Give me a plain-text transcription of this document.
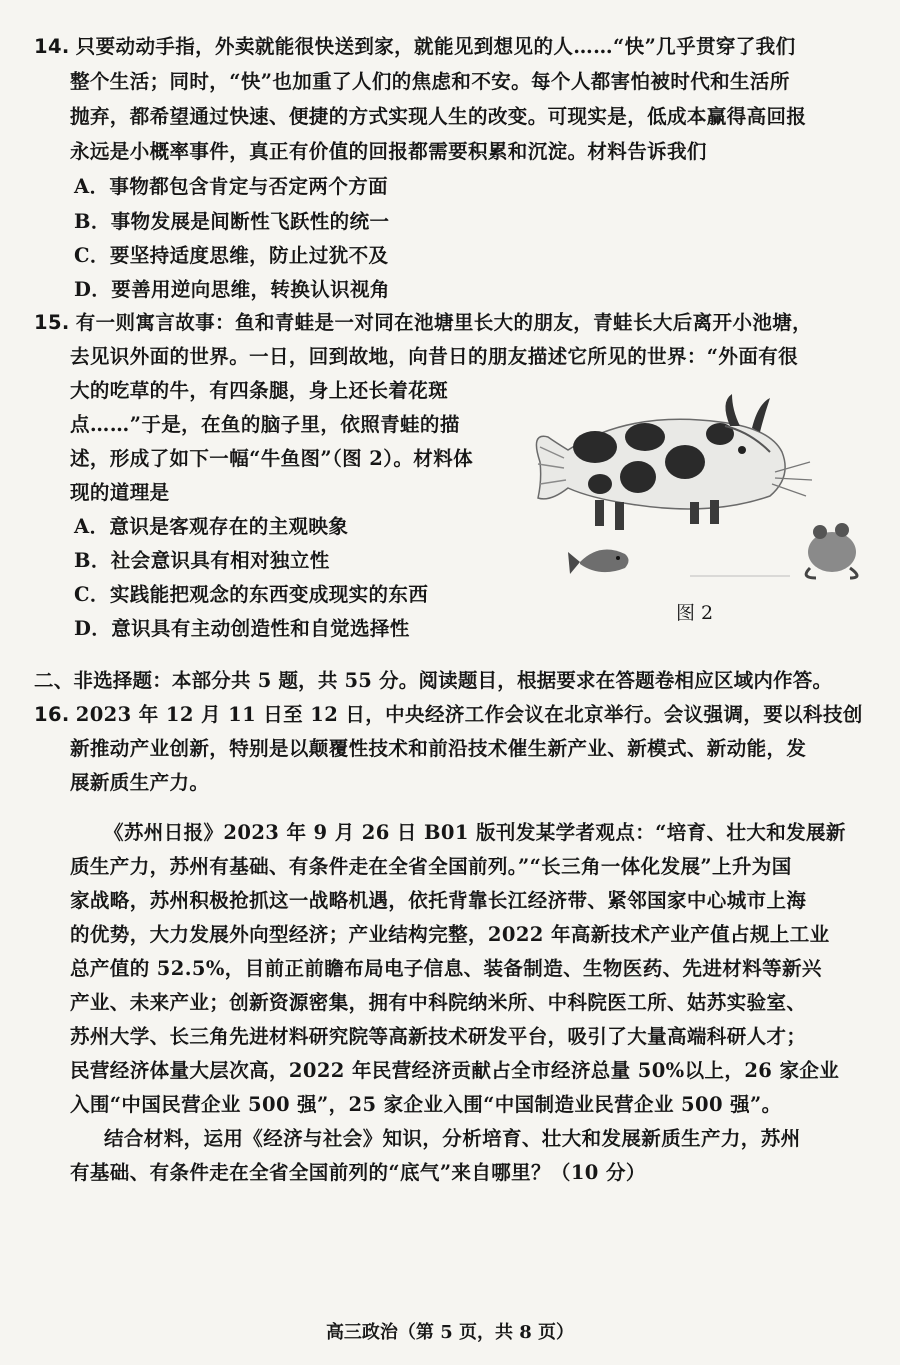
14. 只要动动手指，外卖就能很快送到家，就能见到想见的人……“快”几乎贯穿了我们
整个生活；同时，“快”也加重了人们的焦虑和不安。每个人都害怕被时代和生活所
抛弃，都希望通过快速、便捷的方式实现人生的改变。可现实是，低成本赢得高回报
永远是小概率事件，真正有价值的回报都需要积累和沉淀。材料告诉我们
A．事物都包含肯定与否定两个方面
B．事物发展是间断性飞跃性的统一
C．要坚持适度思维，防止过犹不及
D．要善用逆向思维，转换认识视角
15. 有一则寓言故事：鱼和青蛙是一对同在池塘里长大的朋友，青蛙长大后离开小池塘，
去见识外面的世界。一日，回到故地，向昔日的朋友描述它所见的世界：“外面有很
大的吃草的牛，有四条腿，身上还长着花斑
点……”于是，在鱼的脑子里，依照青蛙的描
述，形成了如下一幅“牛鱼图”（图 2）。材料体
现的道理是
A．意识是客观存在的主观映象
B．社会意识具有相对独立性
C．实践能把观念的东西变成现实的东西
D．意识具有主动创造性和自觉选择性
图 2
二、非选择题：本部分共 5 题，共 55 分。阅读题目，根据要求在答题卷相应区域内作答。
16. 2023 年 12 月 11 日至 12 日，中央经济工作会议在北京举行。会议强调，要以科技创
新推动产业创新，特别是以颠覆性技术和前沿技术催生新产业、新模式、新动能，发
展新质生产力。
《苏州日报》2023 年 9 月 26 日 B01 版刊发某学者观点：“培育、壮大和发展新
质生产力，苏州有基础、有条件走在全省全国前列。”“长三角一体化发展”上升为国
家战略，苏州积极抢抓这一战略机遇，依托背靠长江经济带、紧邻国家中心城市上海
的优势，大力发展外向型经济；产业结构完整，2022 年高新技术产业产值占规上工业
总产值的 52.5%，目前正前瞻布局电子信息、装备制造、生物医药、先进材料等新兴
产业、未来产业；创新资源密集，拥有中科院纳米所、中科院医工所、姑苏实验室、
苏州大学、长三角先进材料研究院等高新技术研发平台，吸引了大量高端科研人才；
民营经济体量大层次高，2022 年民营经济贡献占全市经济总量 50%以上，26 家企业
入围“中国民营企业 500 强”，25 家企业入围“中国制造业民营企业 500 强”。
结合材料，运用《经济与社会》知识，分析培育、壮大和发展新质生产力，苏州
有基础、有条件走在全省全国前列的“底气”来自哪里？（10 分）
高三政治（第 5 页，共 8 页）
